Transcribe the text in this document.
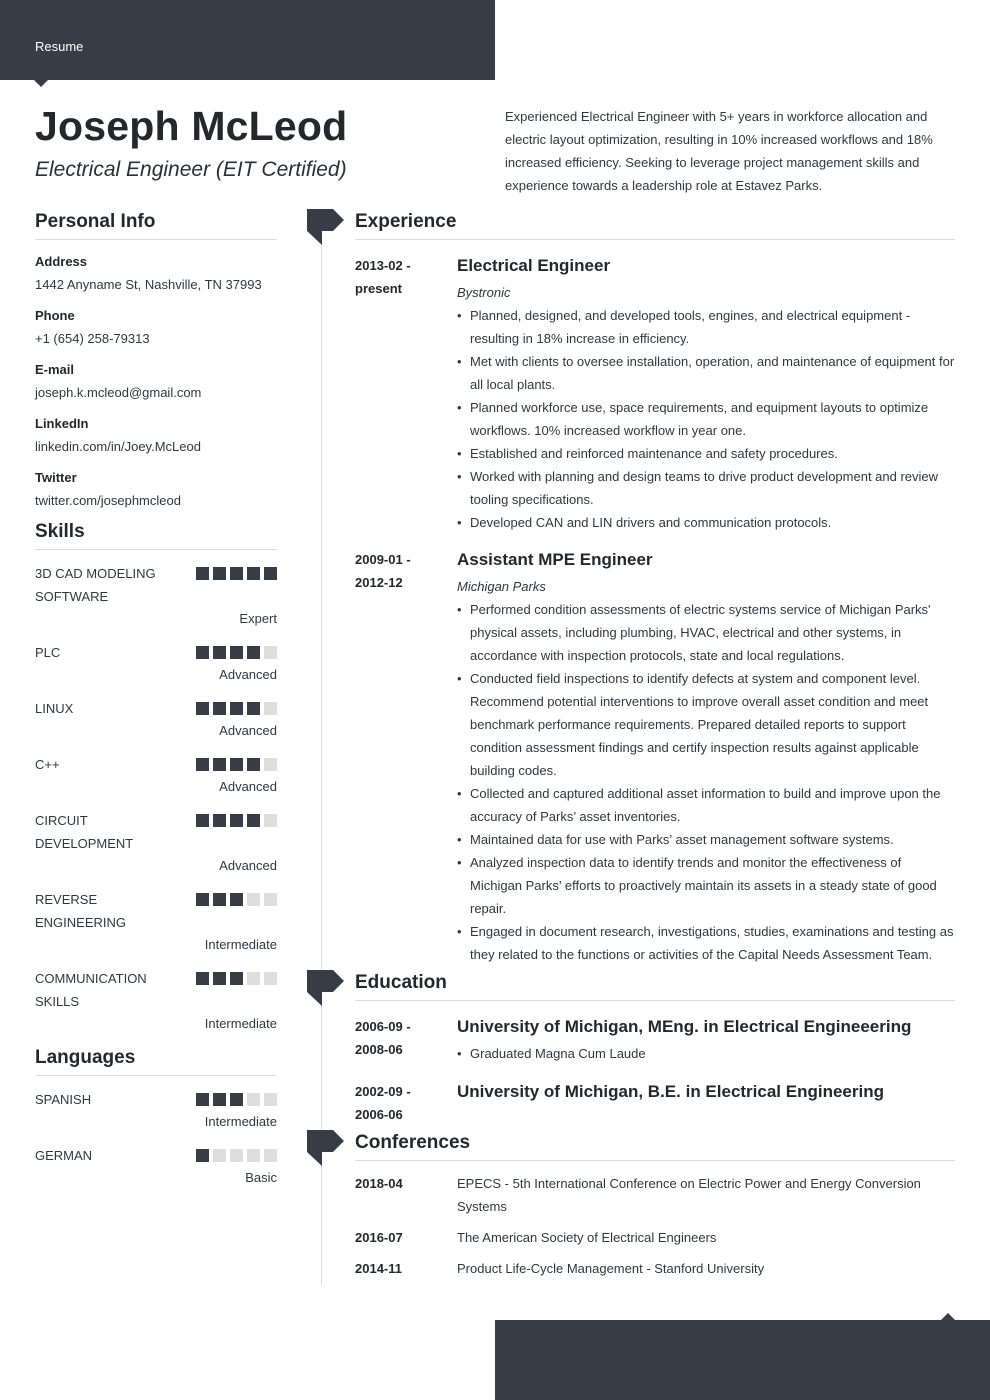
Resume
Joseph McLeod
Electrical Engineer (EIT Certified)

Experienced Electrical Engineer with 5+ years in workforce allocation and electric layout optimization, resulting in 10% increased workflows and 18% increased efficiency. Seeking to leverage project management skills and experience towards a leadership role at Estavez Parks.

Personal Info
Address
1442 Anyname St, Nashville, TN 37993
Phone
+1 (654) 258-79313
E-mail
joseph.k.mcleod@gmail.com
LinkedIn
linkedin.com/in/Joey.McLeod
Twitter
twitter.com/josephmcleod
Skills
3D CAD MODELING SOFTWARE
Expert
PLC
Advanced
LINUX
Advanced
C++
Advanced
CIRCUIT DEVELOPMENT
Advanced
REVERSE ENGINEERING
Intermediate
COMMUNICATION SKILLS
Intermediate
Languages
SPANISH
Intermediate
GERMAN
Basic
Experience
2013-02 - present
Electrical Engineer
Bystronic
• Planned, designed, and developed tools, engines, and electrical equipment - resulting in 18% increase in efficiency.
• Met with clients to oversee installation, operation, and maintenance of equipment for all local plants.
• Planned workforce use, space requirements, and equipment layouts to optimize workflows. 10% increased workflow in year one.
• Established and reinforced maintenance and safety procedures.
• Worked with planning and design teams to drive product development and review tooling specifications.
• Developed CAN and LIN drivers and communication protocols.
2009-01 - 2012-12
Assistant MPE Engineer
Michigan Parks
• Performed condition assessments of electric systems service of Michigan Parks' physical assets, including plumbing, HVAC, electrical and other systems, in accordance with inspection protocols, state and local regulations.
• Conducted field inspections to identify defects at system and component level. Recommend potential interventions to improve overall asset condition and meet benchmark performance requirements. Prepared detailed reports to support condition assessment findings and certify inspection results against applicable building codes.
• Collected and captured additional asset information to build and improve upon the accuracy of Parks’ asset inventories.
• Maintained data for use with Parks’ asset management software systems.
• Analyzed inspection data to identify trends and monitor the effectiveness of Michigan Parks’ efforts to proactively maintain its assets in a steady state of good repair.
• Engaged in document research, investigations, studies, examinations and testing as they related to the functions or activities of the Capital Needs Assessment Team.
Education
2006-09 - 2008-06
University of Michigan, MEng. in Electrical Engineeering
• Graduated Magna Cum Laude
2002-09 - 2006-06
University of Michigan, B.E. in Electrical Engineering
Conferences
2018-04	EPECS - 5th International Conference on Electric Power and Energy Conversion Systems
2016-07	The American Society of Electrical Engineers
2014-11	Product Life-Cycle Management - Stanford University
